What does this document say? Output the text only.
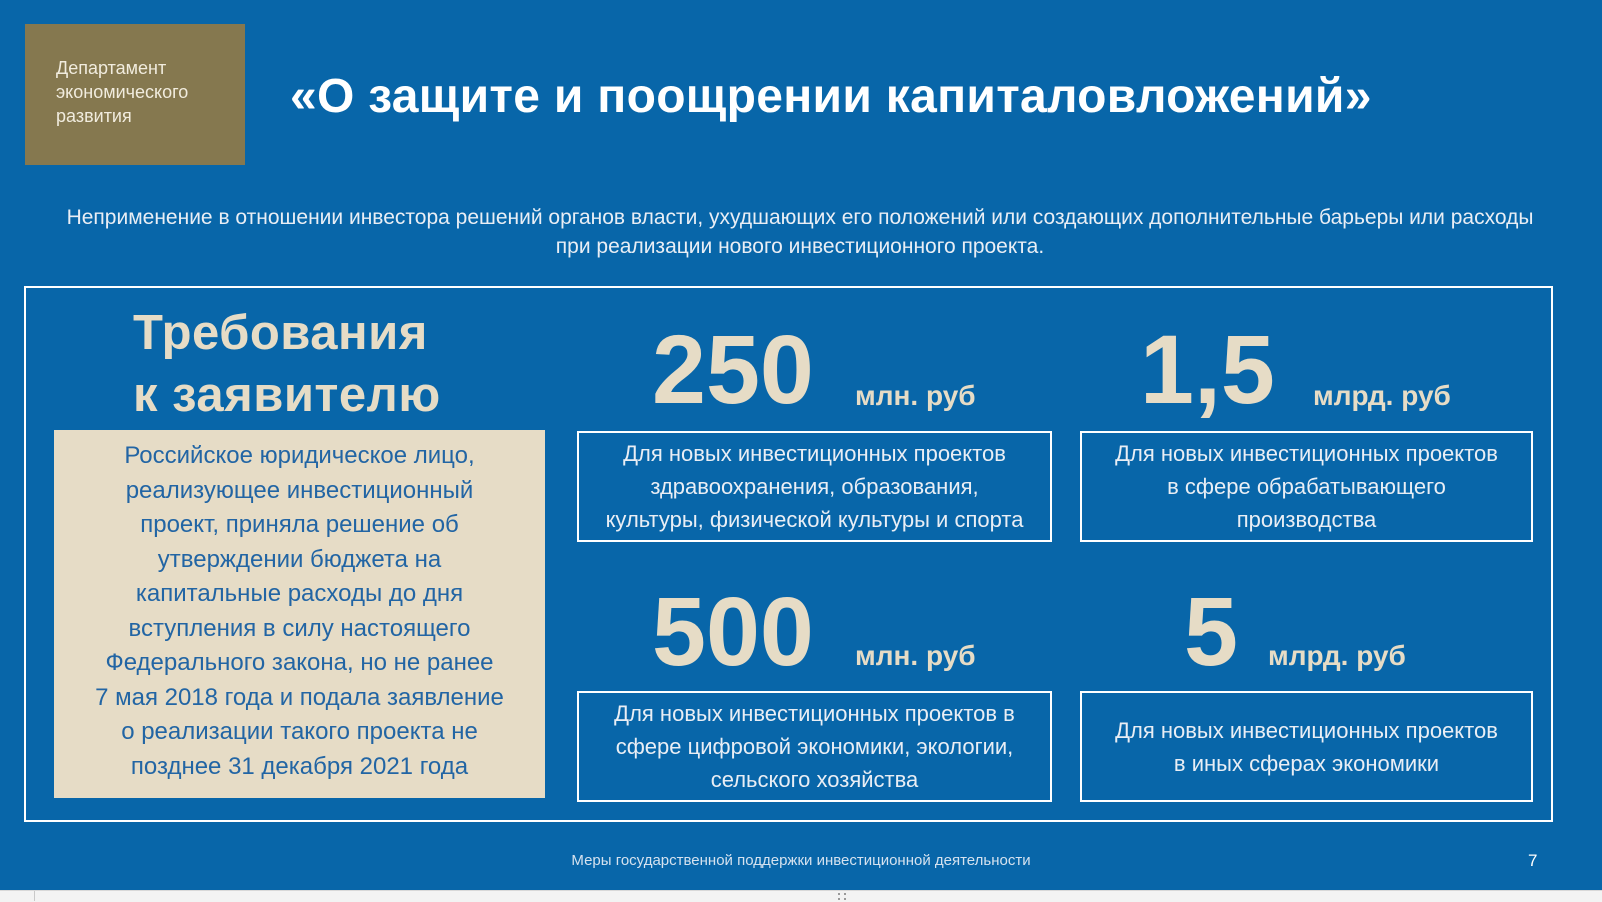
Департамент
экономического
развития	«О защите и поощрении капиталовложений»
Неприменение в отношении инвестора решений органов власти, ухудшающих его положений или создающих дополнительные барьеры или расходы при реализации нового инвестиционного проекта.
Требования
к заявителю
Российское юридическое лицо,
реализующее инвестиционный
проект, приняла решение об
утверждении бюджета на
капитальные расходы до дня
вступления в силу настоящего
Федерального закона, но не ранее
7 мая 2018 года и подала заявление
о реализации такого проекта не
позднее 31 декабря 2021 года
250 млн. руб
Для новых инвестиционных проектов
здравоохранения, образования,
культуры, физической культуры и спорта
1,5 млрд. руб
Для новых инвестиционных проектов
в сфере обрабатывающего
производства
500 млн. руб
Для новых инвестиционных проектов в
сфере цифровой экономики, экологии,
сельского хозяйства
5 млрд. руб
Для новых инвестиционных проектов
в иных сферах экономики
Меры государственной поддержки инвестиционной деятельности	7
